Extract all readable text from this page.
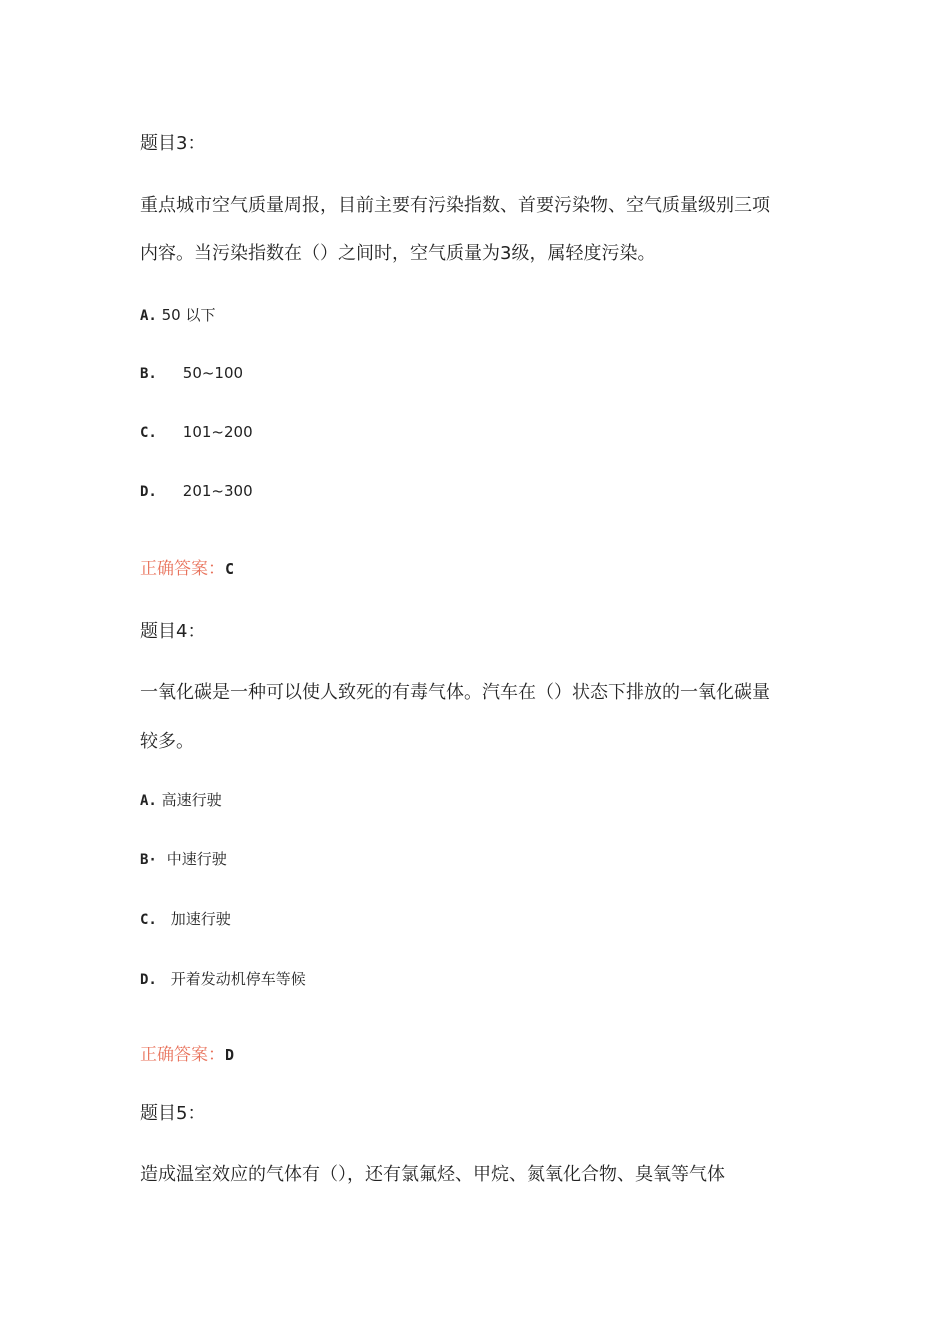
题目3：
重点城市空气质量周报，目前主要有污染指数、首要污染物、空气质量级别三项
内容。当污染指数在（）之间时，空气质量为3级，属轻度污染。
A. 50 以下
B. 50~100
C. 101~200
D. 201~300
正确答案：C
题目4：
一氧化碳是一种可以使人致死的有毒气体。汽车在（）状态下排放的一氧化碳量
较多。
A. 高速行驶
B· 中速行驶
C. 加速行驶
D. 开着发动机停车等候
正确答案：D
题目5：
造成温室效应的气体有（），还有氯氟烃、甲烷、氮氧化合物、臭氧等气体
